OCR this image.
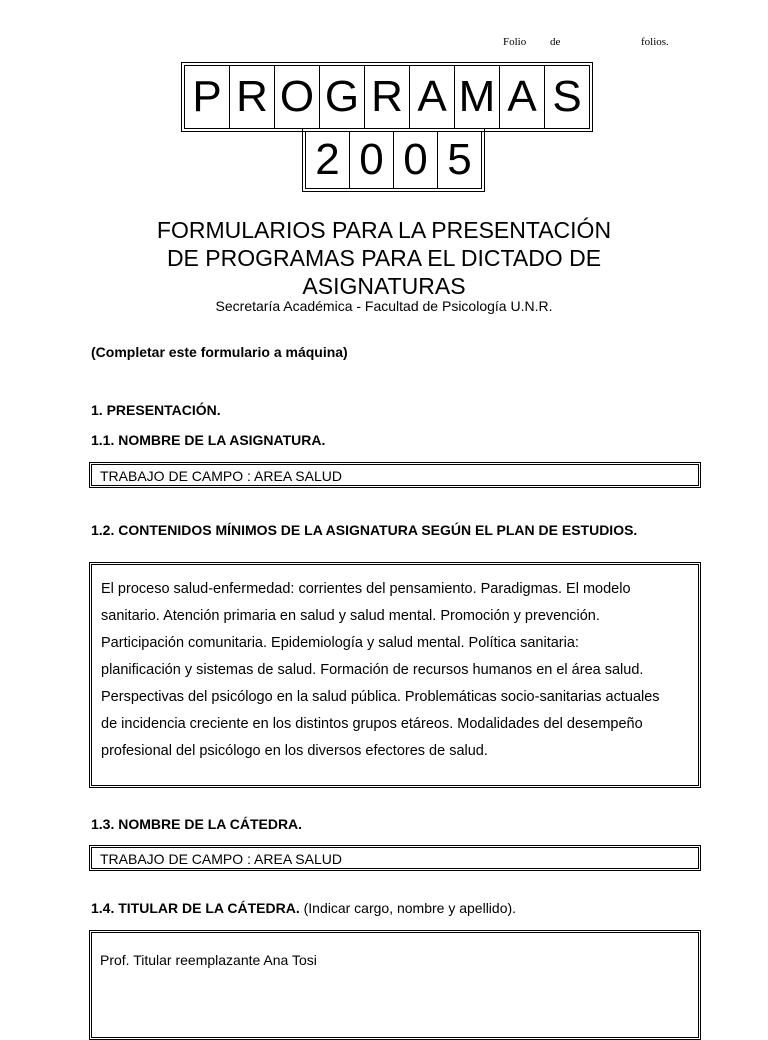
Folio de	folios.
P R O G R A M A S
2 0 0 5
FORMULARIOS PARA LA PRESENTACIÓN
DE PROGRAMAS PARA EL DICTADO DE
ASIGNATURAS
Secretaría Académica - Facultad de Psicología U.N.R.
(Completar este formulario a máquina)
1. PRESENTACIÓN.
1.1. NOMBRE DE LA ASIGNATURA.
TRABAJO DE CAMPO : AREA SALUD
1.2. CONTENIDOS MÍNIMOS DE LA ASIGNATURA SEGÚN EL PLAN DE ESTUDIOS.
El proceso salud-enfermedad: corrientes del pensamiento. Paradigmas. El modelo
sanitario. Atención primaria en salud y salud mental. Promoción y prevención.
Participación comunitaria. Epidemiología y salud mental. Política sanitaria:
planificación y sistemas de salud. Formación de recursos humanos en el área salud.
Perspectivas del psicólogo en la salud pública. Problemáticas socio-sanitarias actuales
de incidencia creciente en los distintos grupos etáreos. Modalidades del desempeño
profesional del psicólogo en los diversos efectores de salud.
1.3. NOMBRE DE LA CÁTEDRA.
TRABAJO DE CAMPO : AREA SALUD
1.4. TITULAR DE LA CÁTEDRA. (Indicar cargo, nombre y apellido).
Prof. Titular reemplazante Ana Tosi
